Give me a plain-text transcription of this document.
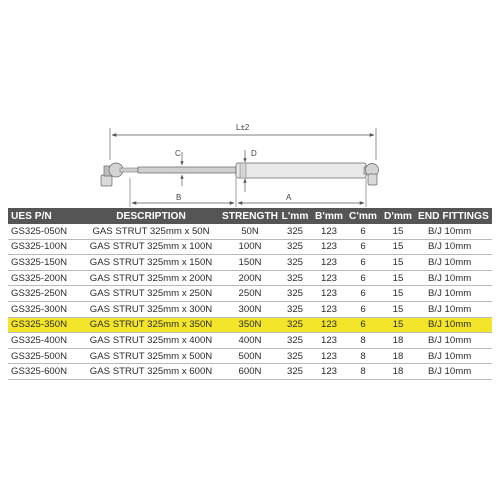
L±2
C	D
B	A
UES P/N	DESCRIPTION	STRENGTH	L'mm	B'mm	C'mm	D'mm	END FITTINGS
GS325-050N	GAS STRUT 325mm x 50N	50N	325	123	6	15	B/J 10mm
GS325-100N	GAS STRUT 325mm x 100N	100N	325	123	6	15	B/J 10mm
GS325-150N	GAS STRUT 325mm x 150N	150N	325	123	6	15	B/J 10mm
GS325-200N	GAS STRUT 325mm x 200N	200N	325	123	6	15	B/J 10mm
GS325-250N	GAS STRUT 325mm x 250N	250N	325	123	6	15	B/J 10mm
GS325-300N	GAS STRUT 325mm x 300N	300N	325	123	6	15	B/J 10mm
GS325-350N	GAS STRUT 325mm x 350N	350N	325	123	6	15	B/J 10mm
GS325-400N	GAS STRUT 325mm x 400N	400N	325	123	8	18	B/J 10mm
GS325-500N	GAS STRUT 325mm x 500N	500N	325	123	8	18	B/J 10mm
GS325-600N	GAS STRUT 325mm x 600N	600N	325	123	8	18	B/J 10mm
